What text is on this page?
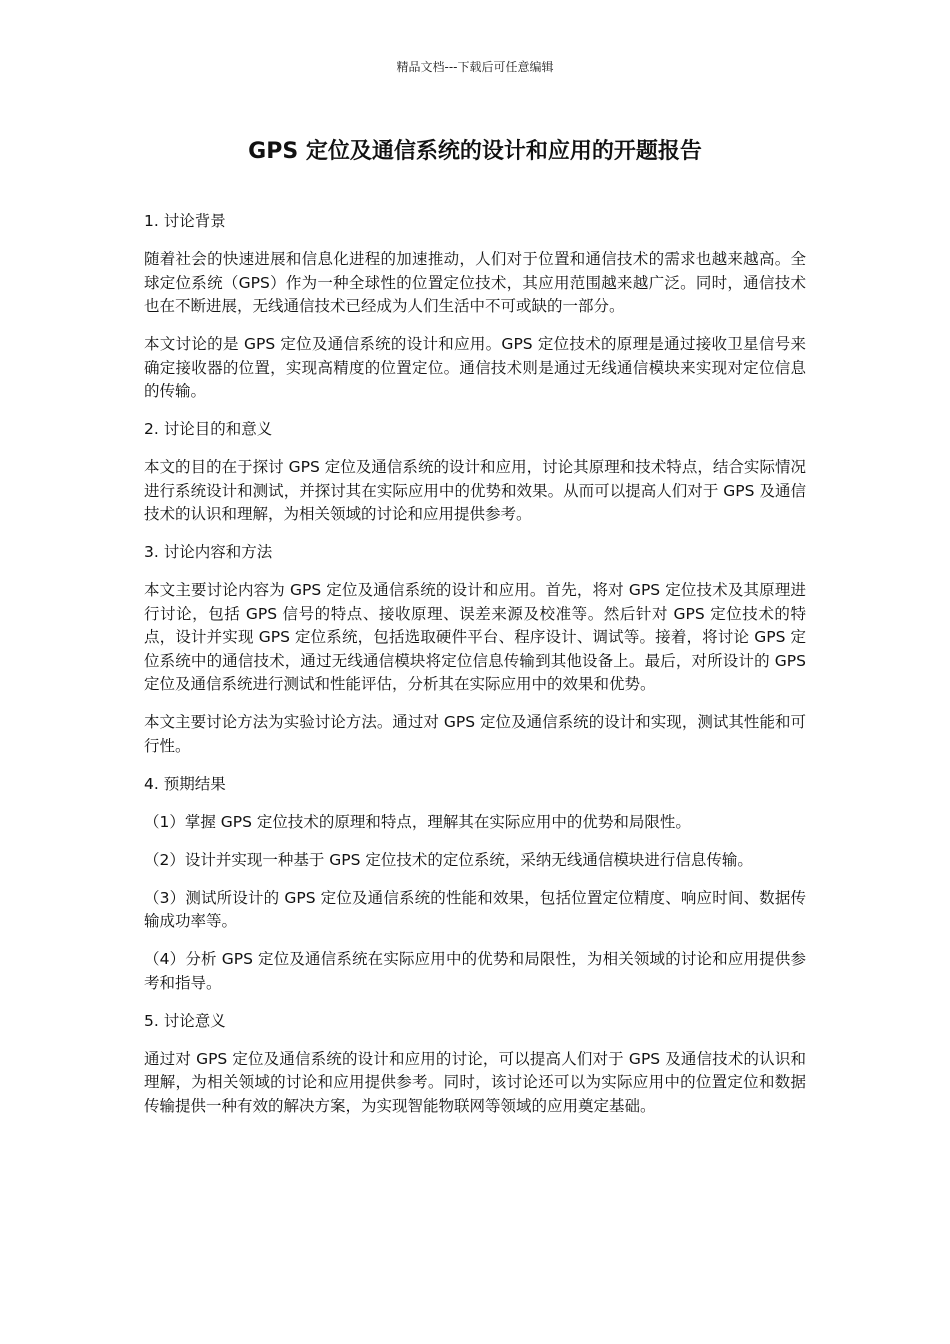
精品文档---下载后可任意编辑
GPS 定位及通信系统的设计和应用的开题报告
1. 讨论背景

随着社会的快速进展和信息化进程的加速推动，人们对于位置和通信技术的需求也越来越高。全球定位系统（GPS）作为一种全球性的位置定位技术，其应用范围越来越广泛。同时，通信技术也在不断进展，无线通信技术已经成为人们生活中不可或缺的一部分。

本文讨论的是 GPS 定位及通信系统的设计和应用。GPS 定位技术的原理是通过接收卫星信号来确定接收器的位置，实现高精度的位置定位。通信技术则是通过无线通信模块来实现对定位信息的传输。

2. 讨论目的和意义

本文的目的在于探讨 GPS 定位及通信系统的设计和应用，讨论其原理和技术特点，结合实际情况进行系统设计和测试，并探讨其在实际应用中的优势和效果。从而可以提高人们对于 GPS 及通信技术的认识和理解，为相关领域的讨论和应用提供参考。

3. 讨论内容和方法

本文主要讨论内容为 GPS 定位及通信系统的设计和应用。首先，将对 GPS 定位技术及其原理进行讨论，包括 GPS 信号的特点、接收原理、误差来源及校准等。然后针对 GPS 定位技术的特点，设计并实现 GPS 定位系统，包括选取硬件平台、程序设计、调试等。接着，将讨论 GPS 定位系统中的通信技术，通过无线通信模块将定位信息传输到其他设备上。最后，对所设计的 GPS 定位及通信系统进行测试和性能评估，分析其在实际应用中的效果和优势。

本文主要讨论方法为实验讨论方法。通过对 GPS 定位及通信系统的设计和实现，测试其性能和可行性。

4. 预期结果

（1）掌握 GPS 定位技术的原理和特点，理解其在实际应用中的优势和局限性。

（2）设计并实现一种基于 GPS 定位技术的定位系统，采纳无线通信模块进行信息传输。

（3）测试所设计的 GPS 定位及通信系统的性能和效果，包括位置定位精度、响应时间、数据传输成功率等。

（4）分析 GPS 定位及通信系统在实际应用中的优势和局限性，为相关领域的讨论和应用提供参考和指导。

5. 讨论意义

通过对 GPS 定位及通信系统的设计和应用的讨论，可以提高人们对于 GPS 及通信技术的认识和理解，为相关领域的讨论和应用提供参考。同时，该讨论还可以为实际应用中的位置定位和数据传输提供一种有效的解决方案，为实现智能物联网等领域的应用奠定基础。
